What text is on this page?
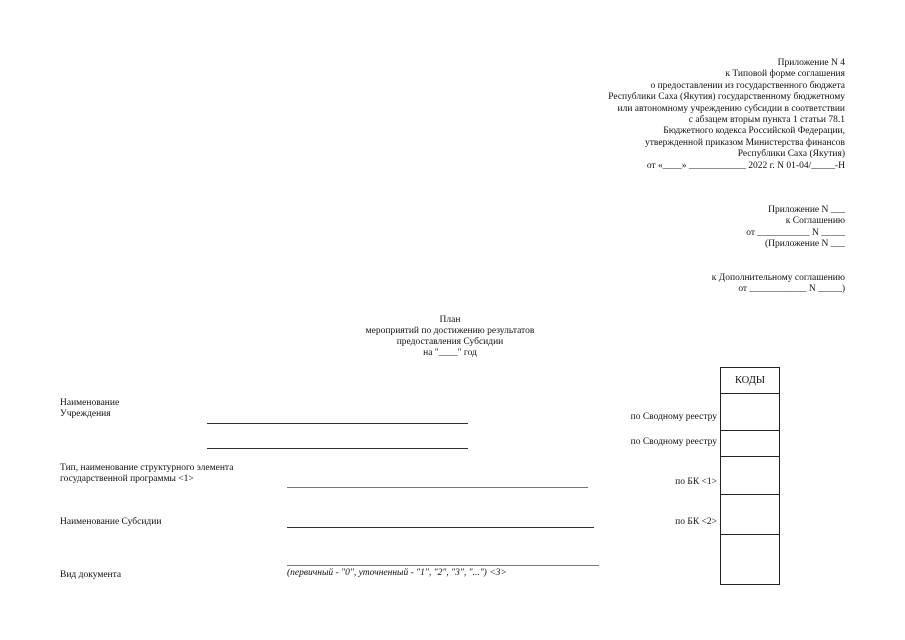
Приложение N 4
к Типовой форме соглашения
о предоставлении из государственного бюджета
Республики Саха (Якутия) государственному бюджетному
или автономному учреждению субсидии в соответствии
с абзацем вторым пункта 1 статьи 78.1
Бюджетного кодекса Российской Федерации,
утвержденной приказом Министерства финансов
Республики Саха (Якутия)
от «____» ____________ 2022 г. N 01-04/_____-Н
Приложение N ___
к Соглашению
от ___________ N _____
(Приложение N ___
к Дополнительному соглашению
от ____________ N _____)
План
мероприятий по достижению результатов
предоставления Субсидии
на "____" год
КОДЫ
Наименование
Учреждения	по Сводному реестру
по Сводному реестру
Тип, наименование структурного элемента
государственной программы <1>	по БК <1>
Наименование Субсидии	по БК <2>
Вид документа	(первичный - "0", уточненный - "1", "2", "3", "...") <3>
